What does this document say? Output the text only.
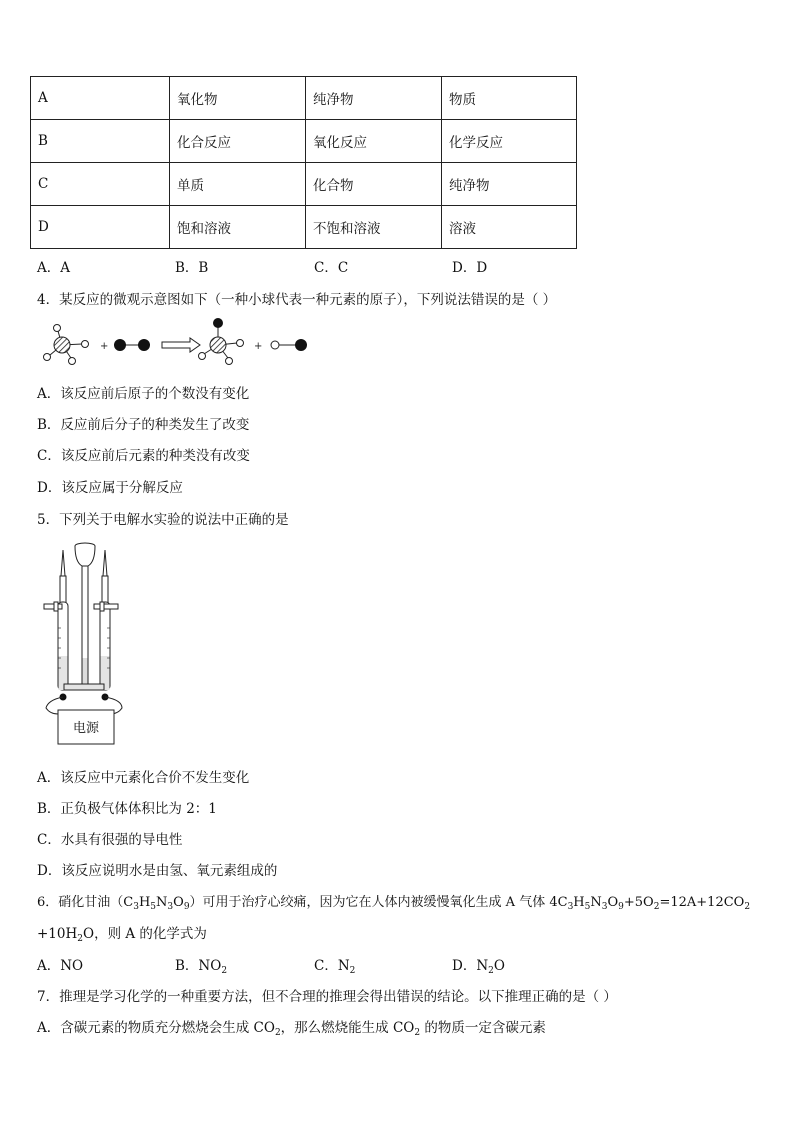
A	氧化物	纯净物	物质
B	化合反应	氧化反应	化学反应
C	单质	化合物	纯净物
D	饱和溶液	不饱和溶液	溶液
A．A	B．B	C．C	D．D
4．某反应的微观示意图如下（一种小球代表一种元素的原子），下列说法错误的是（ ）
+	+
A．该反应前后原子的个数没有变化
B．反应前后分子的种类发生了改变
C．该反应前后元素的种类没有改变
D．该反应属于分解反应
5．下列关于电解水实验的说法中正确的是
电源
A．该反应中元素化合价不发生变化
B．正负极气体体积比为 2：1
C．水具有很强的导电性
D．该反应说明水是由氢、氧元素组成的
6．硝化甘油$(C_3H_5N_3O_9)$可用于治疗心绞痛，因为它在人体内被缓慢氧化生成 A 气体 $4C_3H_5N_3O_9+5O_2=12A+12CO_2$
$+10H_2O$，则 A 的化学式为
A．NO	B．$NO_2$	C．$N_2$	D．$N_2O$
7．推理是学习化学的一种重要方法，但不合理的推理会得出错误的结论。以下推理正确的是（ ）
A．含碳元素的物质充分燃烧会生成 $CO_2$，那么燃烧能生成 $CO_2$ 的物质一定含碳元素
